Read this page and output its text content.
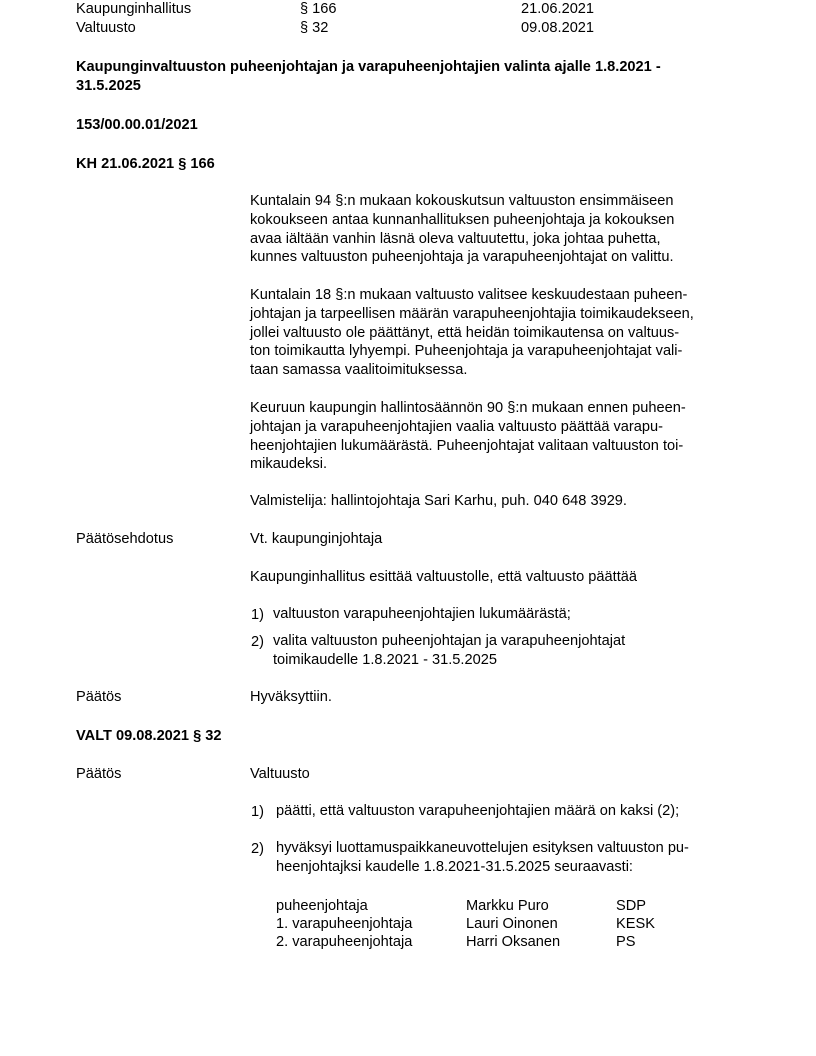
Kaupunginhallitus	§ 166	21.06.2021
Valtuusto	§ 32	09.08.2021
Kaupunginvaltuuston puheenjohtajan ja varapuheenjohtajien valinta ajalle 1.8.2021 -
31.5.2025
153/00.00.01/2021
KH 21.06.2021 § 166
Kuntalain 94 §:n mukaan kokouskutsun valtuuston ensimmäiseen
kokoukseen antaa kunnanhallituksen puheenjohtaja ja kokouksen
avaa iältään vanhin läsnä oleva valtuutettu, joka johtaa puhetta,
kunnes valtuuston puheenjohtaja ja varapuheenjohtajat on valittu.
Kuntalain 18 §:n mukaan valtuusto valitsee keskuudestaan puheen-
johtajan ja tarpeellisen määrän varapuheenjohtajia toimikaudekseen,
jollei valtuusto ole päättänyt, että heidän toimikautensa on valtuus-
ton toimikautta lyhyempi. Puheenjohtaja ja varapuheenjohtajat vali-
taan samassa vaalitoimituksessa.
Keuruun kaupungin hallintosäännön 90 §:n mukaan ennen puheen-
johtajan ja varapuheenjohtajien vaalia valtuusto päättää varapu-
heenjohtajien lukumäärästä. Puheenjohtajat valitaan valtuuston toi-
mikaudeksi.
Valmistelija: hallintojohtaja Sari Karhu, puh. 040 648 3929.
Päätösehdotus	Vt. kaupunginjohtaja
Kaupunginhallitus esittää valtuustolle, että valtuusto päättää
1) valtuuston varapuheenjohtajien lukumäärästä;
2) valita valtuuston puheenjohtajan ja varapuheenjohtajat
toimikaudelle 1.8.2021 - 31.5.2025
Päätös	Hyväksyttiin.
VALT 09.08.2021 § 32
Päätös	Valtuusto
1) päätti, että valtuuston varapuheenjohtajien määrä on kaksi (2);
2) hyväksyi luottamuspaikkaneuvottelujen esityksen valtuuston pu-
heenjohtajksi kaudelle 1.8.2021-31.5.2025 seuraavasti:
puheenjohtaja	Markku Puro	SDP
1. varapuheenjohtaja	Lauri Oinonen	KESK
2. varapuheenjohtaja	Harri Oksanen	PS
